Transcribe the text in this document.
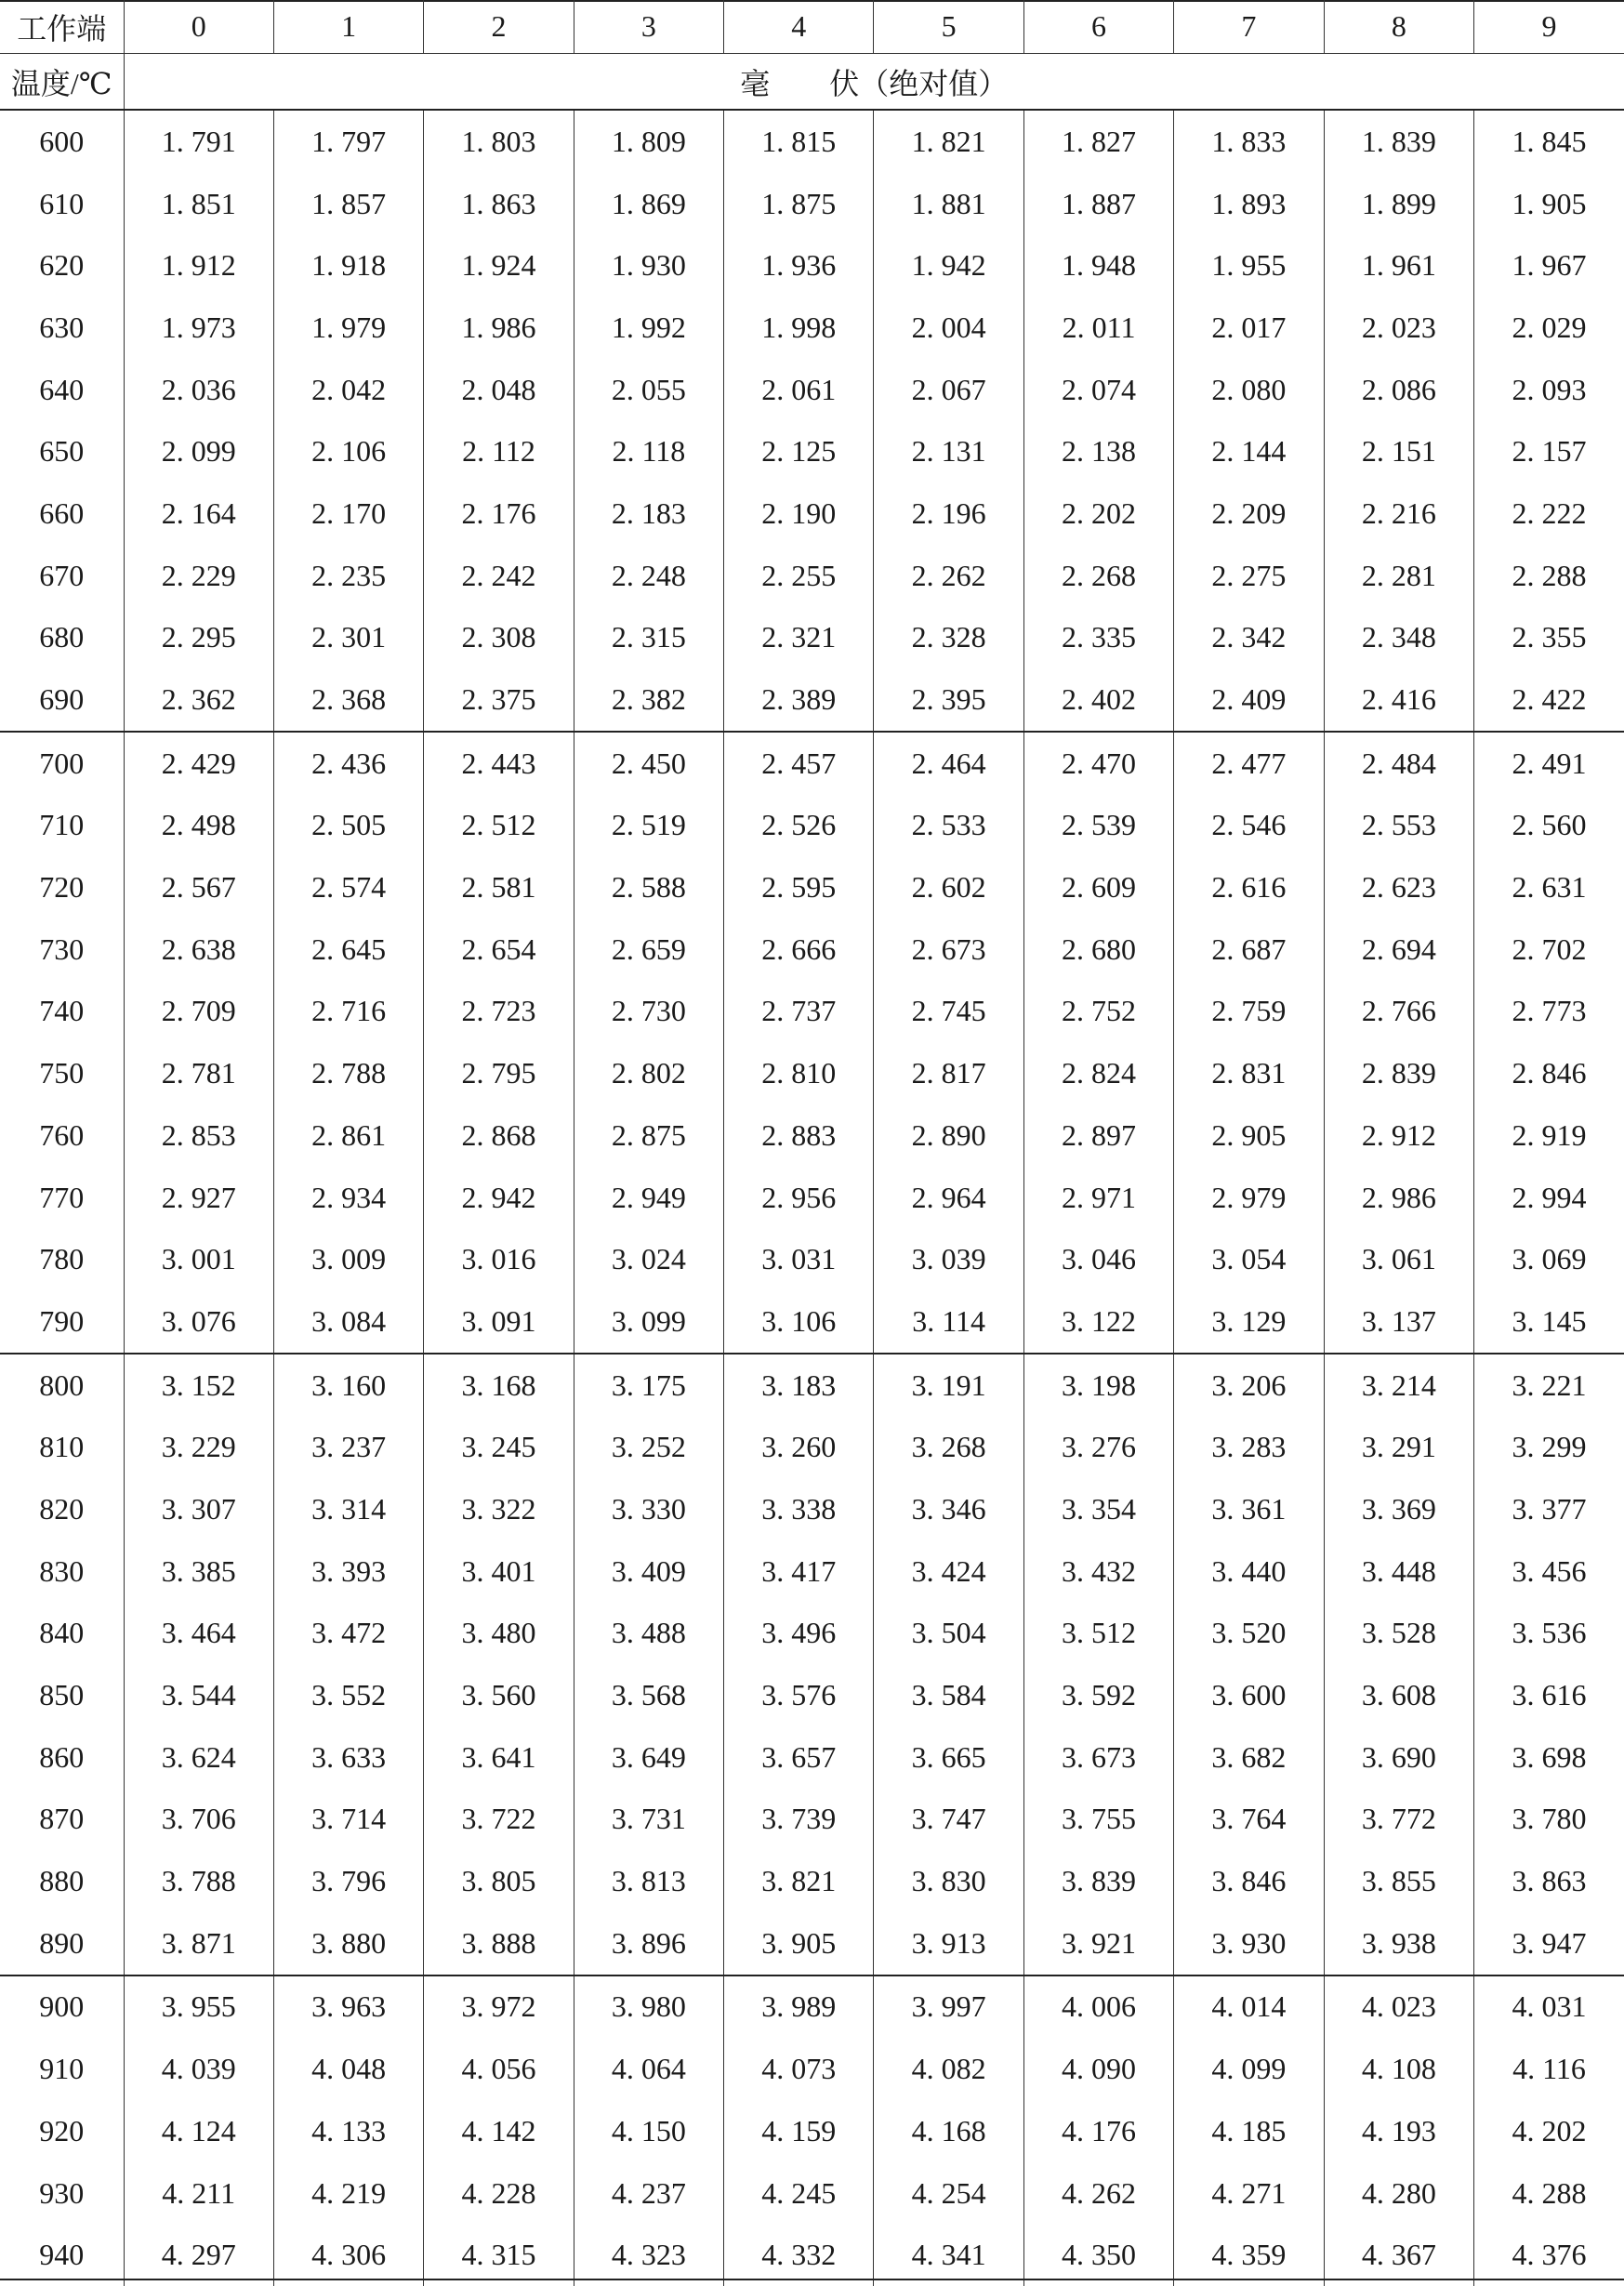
工作端	0	1	2	3	4	5	6	7	8	9
温度/℃	毫　　伏（绝对值）									
600	1. 791	1. 797	1. 803	1. 809	1. 815	1. 821	1. 827	1. 833	1. 839	1. 845
610	1. 851	1. 857	1. 863	1. 869	1. 875	1. 881	1. 887	1. 893	1. 899	1. 905
620	1. 912	1. 918	1. 924	1. 930	1. 936	1. 942	1. 948	1. 955	1. 961	1. 967
630	1. 973	1. 979	1. 986	1. 992	1. 998	2. 004	2. 011	2. 017	2. 023	2. 029
640	2. 036	2. 042	2. 048	2. 055	2. 061	2. 067	2. 074	2. 080	2. 086	2. 093
650	2. 099	2. 106	2. 112	2. 118	2. 125	2. 131	2. 138	2. 144	2. 151	2. 157
660	2. 164	2. 170	2. 176	2. 183	2. 190	2. 196	2. 202	2. 209	2. 216	2. 222
670	2. 229	2. 235	2. 242	2. 248	2. 255	2. 262	2. 268	2. 275	2. 281	2. 288
680	2. 295	2. 301	2. 308	2. 315	2. 321	2. 328	2. 335	2. 342	2. 348	2. 355
690	2. 362	2. 368	2. 375	2. 382	2. 389	2. 395	2. 402	2. 409	2. 416	2. 422
700	2. 429	2. 436	2. 443	2. 450	2. 457	2. 464	2. 470	2. 477	2. 484	2. 491
710	2. 498	2. 505	2. 512	2. 519	2. 526	2. 533	2. 539	2. 546	2. 553	2. 560
720	2. 567	2. 574	2. 581	2. 588	2. 595	2. 602	2. 609	2. 616	2. 623	2. 631
730	2. 638	2. 645	2. 654	2. 659	2. 666	2. 673	2. 680	2. 687	2. 694	2. 702
740	2. 709	2. 716	2. 723	2. 730	2. 737	2. 745	2. 752	2. 759	2. 766	2. 773
750	2. 781	2. 788	2. 795	2. 802	2. 810	2. 817	2. 824	2. 831	2. 839	2. 846
760	2. 853	2. 861	2. 868	2. 875	2. 883	2. 890	2. 897	2. 905	2. 912	2. 919
770	2. 927	2. 934	2. 942	2. 949	2. 956	2. 964	2. 971	2. 979	2. 986	2. 994
780	3. 001	3. 009	3. 016	3. 024	3. 031	3. 039	3. 046	3. 054	3. 061	3. 069
790	3. 076	3. 084	3. 091	3. 099	3. 106	3. 114	3. 122	3. 129	3. 137	3. 145
800	3. 152	3. 160	3. 168	3. 175	3. 183	3. 191	3. 198	3. 206	3. 214	3. 221
810	3. 229	3. 237	3. 245	3. 252	3. 260	3. 268	3. 276	3. 283	3. 291	3. 299
820	3. 307	3. 314	3. 322	3. 330	3. 338	3. 346	3. 354	3. 361	3. 369	3. 377
830	3. 385	3. 393	3. 401	3. 409	3. 417	3. 424	3. 432	3. 440	3. 448	3. 456
840	3. 464	3. 472	3. 480	3. 488	3. 496	3. 504	3. 512	3. 520	3. 528	3. 536
850	3. 544	3. 552	3. 560	3. 568	3. 576	3. 584	3. 592	3. 600	3. 608	3. 616
860	3. 624	3. 633	3. 641	3. 649	3. 657	3. 665	3. 673	3. 682	3. 690	3. 698
870	3. 706	3. 714	3. 722	3. 731	3. 739	3. 747	3. 755	3. 764	3. 772	3. 780
880	3. 788	3. 796	3. 805	3. 813	3. 821	3. 830	3. 839	3. 846	3. 855	3. 863
890	3. 871	3. 880	3. 888	3. 896	3. 905	3. 913	3. 921	3. 930	3. 938	3. 947
900	3. 955	3. 963	3. 972	3. 980	3. 989	3. 997	4. 006	4. 014	4. 023	4. 031
910	4. 039	4. 048	4. 056	4. 064	4. 073	4. 082	4. 090	4. 099	4. 108	4. 116
920	4. 124	4. 133	4. 142	4. 150	4. 159	4. 168	4. 176	4. 185	4. 193	4. 202
930	4. 211	4. 219	4. 228	4. 237	4. 245	4. 254	4. 262	4. 271	4. 280	4. 288
940	4. 297	4. 306	4. 315	4. 323	4. 332	4. 341	4. 350	4. 359	4. 367	4. 376
